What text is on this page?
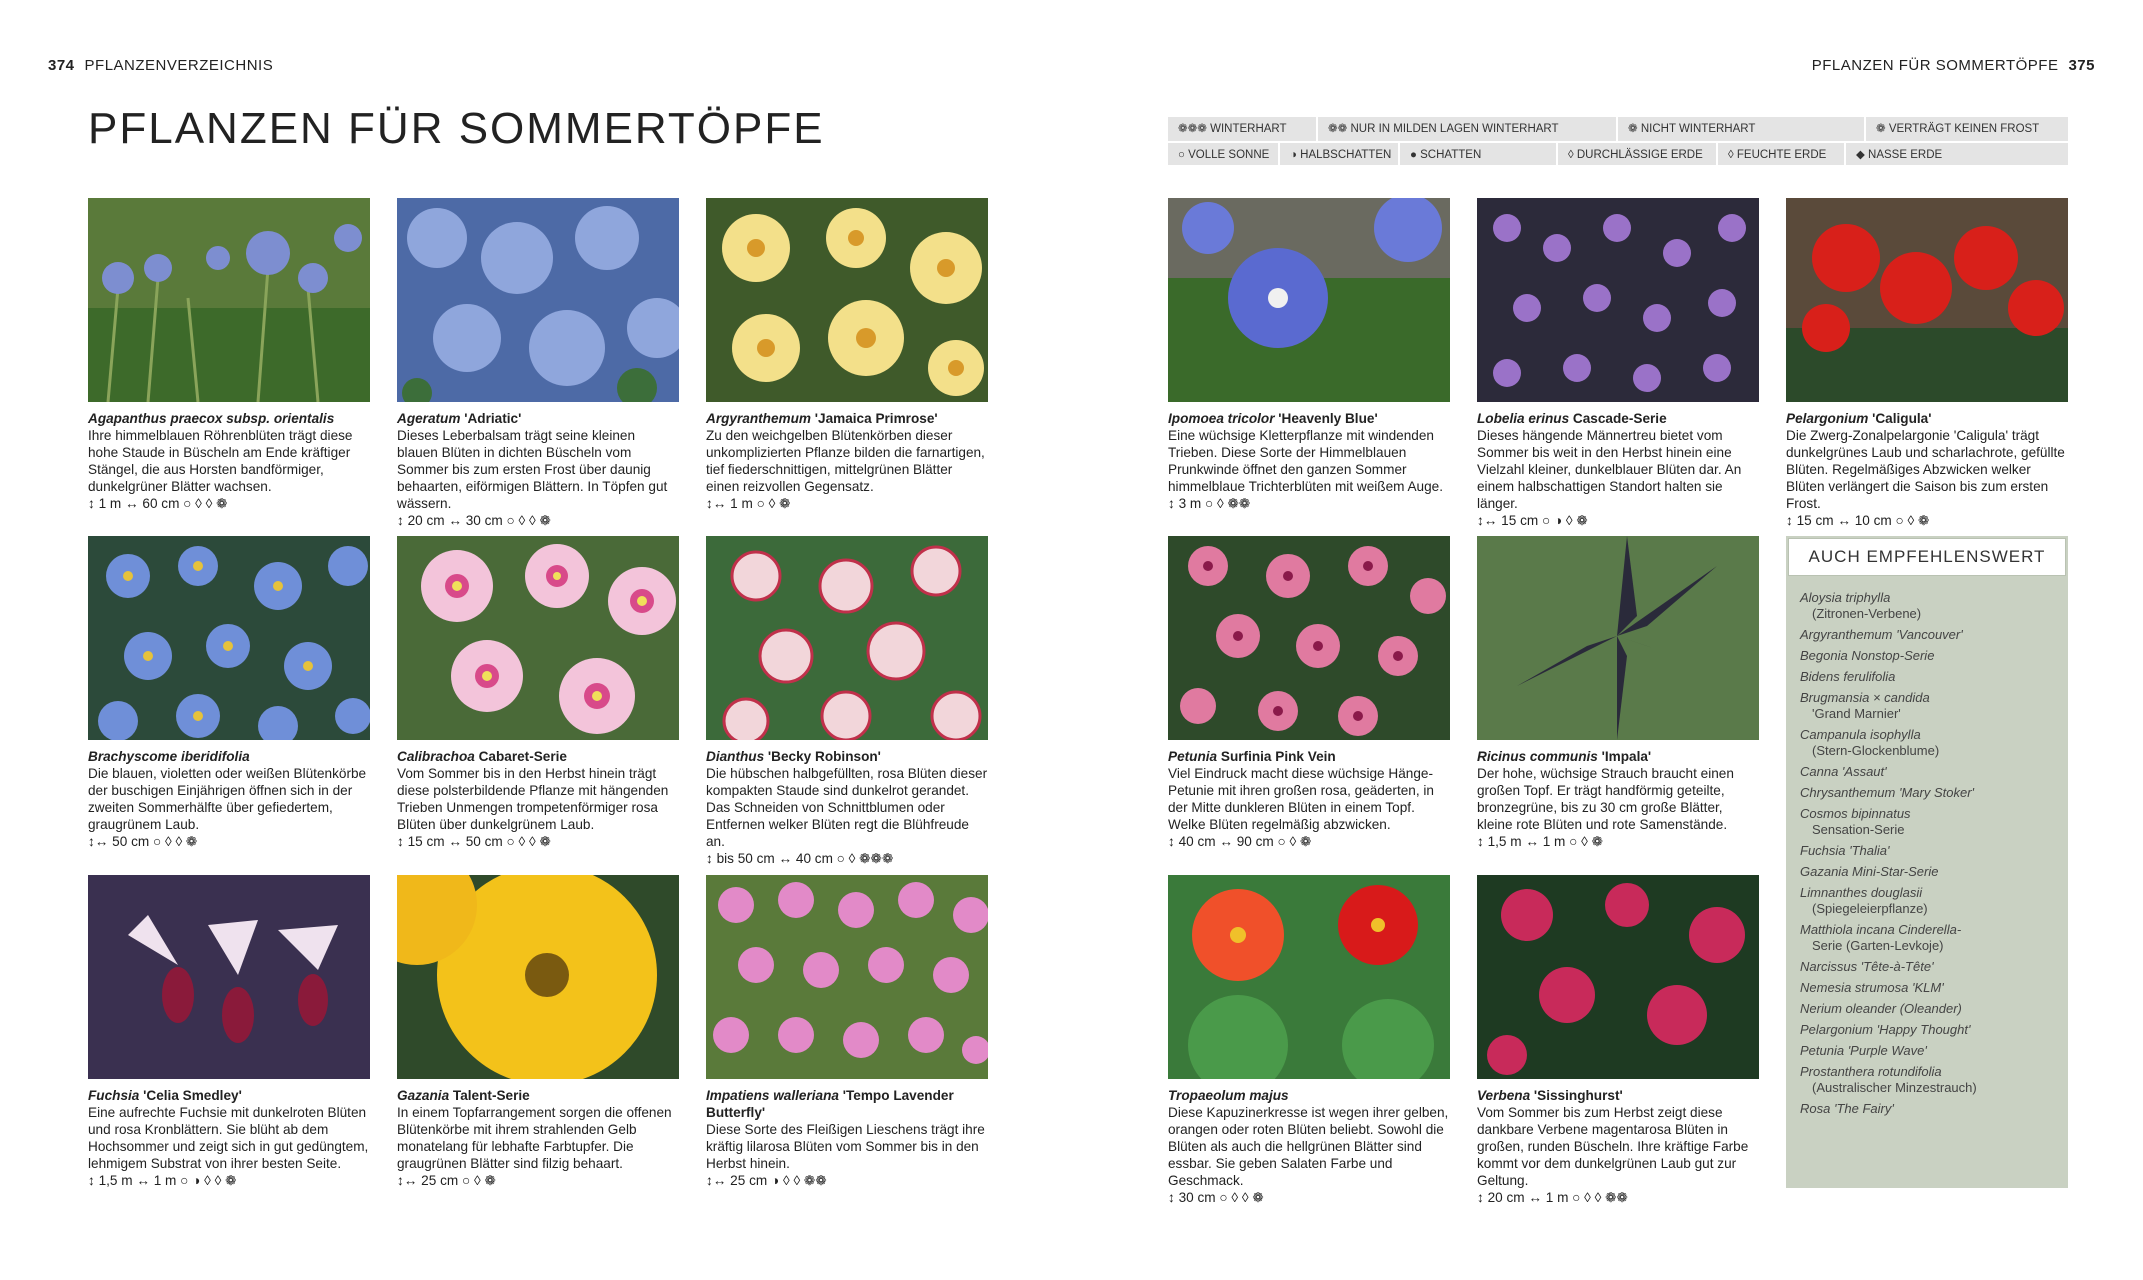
374 PFLANZENVERZEICHNIS	PFLANZEN FÜR SOMMERTÖPFE 375
PFLANZEN FÜR SOMMERTÖPFE	❁❁❁ WINTERHART	❁❁ NUR IN MILDEN LAGEN WINTERHART	❁ NICHT WINTERHART	❁ VERTRÄGT KEINEN FROST
○ VOLLE SONNE	◑ HALBSCHATTEN	● SCHATTEN	◊ DURCHLÄSSIGE ERDE	◊ FEUCHTE ERDE	◆ NASSE ERDE
Agapanthus praecox subsp. orientalis
Ihre himmelblauen Röhrenblüten trägt diese hohe Staude in Büscheln am Ende kräftiger Stängel, die aus Horsten bandförmiger, dunkelgrüner Blätter wachsen.
↕ 1 m ↔ 60 cm ○ ◊ ◊ ❁
Ageratum 'Adriatic'
Dieses Leberbalsam trägt seine kleinen blauen Blüten in dichten Büscheln vom Sommer bis zum ersten Frost über daunig behaarten, eiförmigen Blättern. In Töpfen gut wässern.
↕ 20 cm ↔ 30 cm ○ ◊ ◊ ❁
Argyranthemum 'Jamaica Primrose'
Zu den weichgelben Blütenkörben dieser unkomplizierten Pflanze bilden die farnartigen, tief fiederschnittigen, mittelgrünen Blätter einen reizvollen Gegensatz.
↕↔ 1 m ○ ◊ ❁
Brachyscome iberidifolia
Die blauen, violetten oder weißen Blütenkörbe der buschigen Einjährigen öffnen sich in der zweiten Sommerhälfte über gefiedertem, graugrünem Laub.
↕↔ 50 cm ○ ◊ ◊ ❁
Calibrachoa Cabaret-Serie
Vom Sommer bis in den Herbst hinein trägt diese polsterbildende Pflanze mit hängenden Trieben Unmengen trompetenförmiger rosa Blüten über dunkelgrünem Laub.
↕ 15 cm ↔ 50 cm ○ ◊ ◊ ❁
Dianthus 'Becky Robinson'
Die hübschen halbgefüllten, rosa Blüten dieser kompakten Staude sind dunkelrot gerandet. Das Schneiden von Schnittblumen oder Entfernen welker Blüten regt die Blühfreude an.
↕ bis 50 cm ↔ 40 cm ○ ◊ ❁❁❁
Fuchsia 'Celia Smedley'
Eine aufrechte Fuchsie mit dunkelroten Blüten und rosa Kronblättern. Sie blüht ab dem Hochsommer und zeigt sich in gut gedüngtem, lehmigem Substrat von ihrer besten Seite.
↕ 1,5 m ↔ 1 m ○ ◑ ◊ ◊ ❁
Gazania Talent-Serie
In einem Topfarrangement sorgen die offenen Blütenkörbe mit ihrem strahlenden Gelb monatelang für lebhafte Farbtupfer. Die graugrünen Blätter sind filzig behaart.
↕↔ 25 cm ○ ◊ ❁
Impatiens walleriana 'Tempo Lavender Butterfly'
Diese Sorte des Fleißigen Lieschens trägt ihre kräftig lilarosa Blüten vom Sommer bis in den Herbst hinein.
↕↔ 25 cm ◑ ◊ ◊ ❁❁
Ipomoea tricolor 'Heavenly Blue'
Eine wüchsige Kletterpflanze mit windenden Trieben. Diese Sorte der Himmelblauen Prunkwinde öffnet den ganzen Sommer himmelblaue Trichterblüten mit weißem Auge.
↕ 3 m ○ ◊ ❁❁
Lobelia erinus Cascade-Serie
Dieses hängende Männertreu bietet vom Sommer bis weit in den Herbst hinein eine Vielzahl kleiner, dunkelblauer Blüten dar. An einem halbschattigen Standort halten sie länger.
↕↔ 15 cm ○ ◑ ◊ ❁
Pelargonium 'Caligula'
Die Zwerg-Zonalpelargonie 'Caligula' trägt dunkelgrünes Laub und scharlachrote, gefüllte Blüten. Regelmäßiges Abzwicken welker Blüten verlängert die Saison bis zum ersten Frost.
↕ 15 cm ↔ 10 cm ○ ◊ ❁
Petunia Surfinia Pink Vein
Viel Eindruck macht diese wüchsige Hänge-Petunie mit ihren großen rosa, geäderten, in der Mitte dunkleren Blüten in einem Topf. Welke Blüten regelmäßig abzwicken.
↕ 40 cm ↔ 90 cm ○ ◊ ❁
Ricinus communis 'Impala'
Der hohe, wüchsige Strauch braucht einen großen Topf. Er trägt handförmig geteilte, bronzegrüne, bis zu 30 cm große Blätter, kleine rote Blüten und rote Samenstände.
↕ 1,5 m ↔ 1 m ○ ◊ ❁
Tropaeolum majus
Diese Kapuzinerkresse ist wegen ihrer gelben, orangen oder roten Blüten beliebt. Sowohl die Blüten als auch die hellgrünen Blätter sind essbar. Sie geben Salaten Farbe und Geschmack.
↕ 30 cm ○ ◊ ◊ ❁
Verbena 'Sissinghurst'
Vom Sommer bis zum Herbst zeigt diese dankbare Verbene magentarosa Blüten in großen, runden Büscheln. Ihre kräftige Farbe kommt vor dem dunkelgrünen Laub gut zur Geltung.
↕ 20 cm ↔ 1 m ○ ◊ ◊ ❁❁
AUCH EMPFEHLENSWERT
Aloysia triphylla
(Zitronen-Verbene)
Argyranthemum 'Vancouver'
Begonia Nonstop-Serie
Bidens ferulifolia
Brugmansia × candida
'Grand Marnier'
Campanula isophylla
(Stern-Glockenblume)
Canna 'Assaut'
Chrysanthemum 'Mary Stoker'
Cosmos bipinnatus
Sensation-Serie
Fuchsia 'Thalia'
Gazania Mini-Star-Serie
Limnanthes douglasii
(Spiegeleierpflanze)
Matthiola incana Cinderella-
Serie (Garten-Levkoje)
Narcissus 'Tête-à-Tête'
Nemesia strumosa 'KLM'
Nerium oleander (Oleander)
Pelargonium 'Happy Thought'
Petunia 'Purple Wave'
Prostanthera rotundifolia
(Australischer Minzestrauch)
Rosa 'The Fairy'
